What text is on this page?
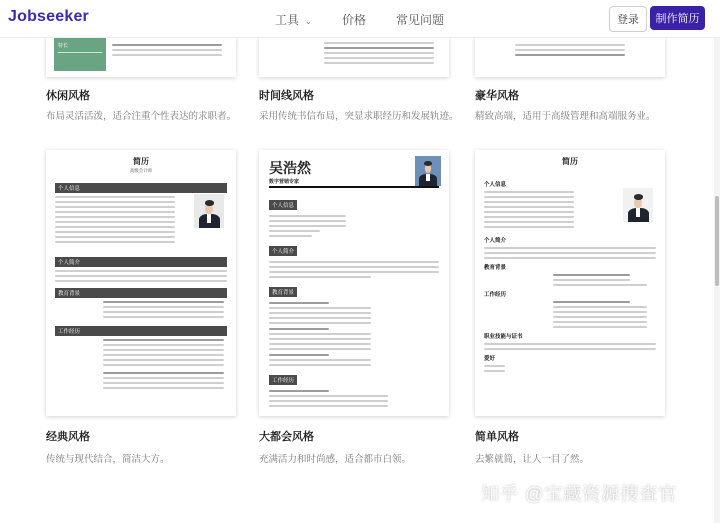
Jobseeker	工具 ⌄	价格 常见问题	登录	制作简历
特长
休闲风格
布局灵活活泼，适合注重个性表达的求职者。
时间线风格
采用传统书信布局，突显求职经历和发展轨迹。
豪华风格
精致高端，适用于高级管理和高端服务业。
简历
高级会计师
个人信息
个人简介
教育背景
工作经历
吴浩然
数字营销专家
个人信息
个人简介
教育背景
工作经历
简历
个人信息
个人简介
教育背景
工作经历
职业技能与证书
爱好
经典风格
传统与现代结合，简洁大方。
大都会风格
充满活力和时尚感，适合都市白领。
简单风格
去繁就简，让人一目了然。
知乎 @宝藏资源搜查官
